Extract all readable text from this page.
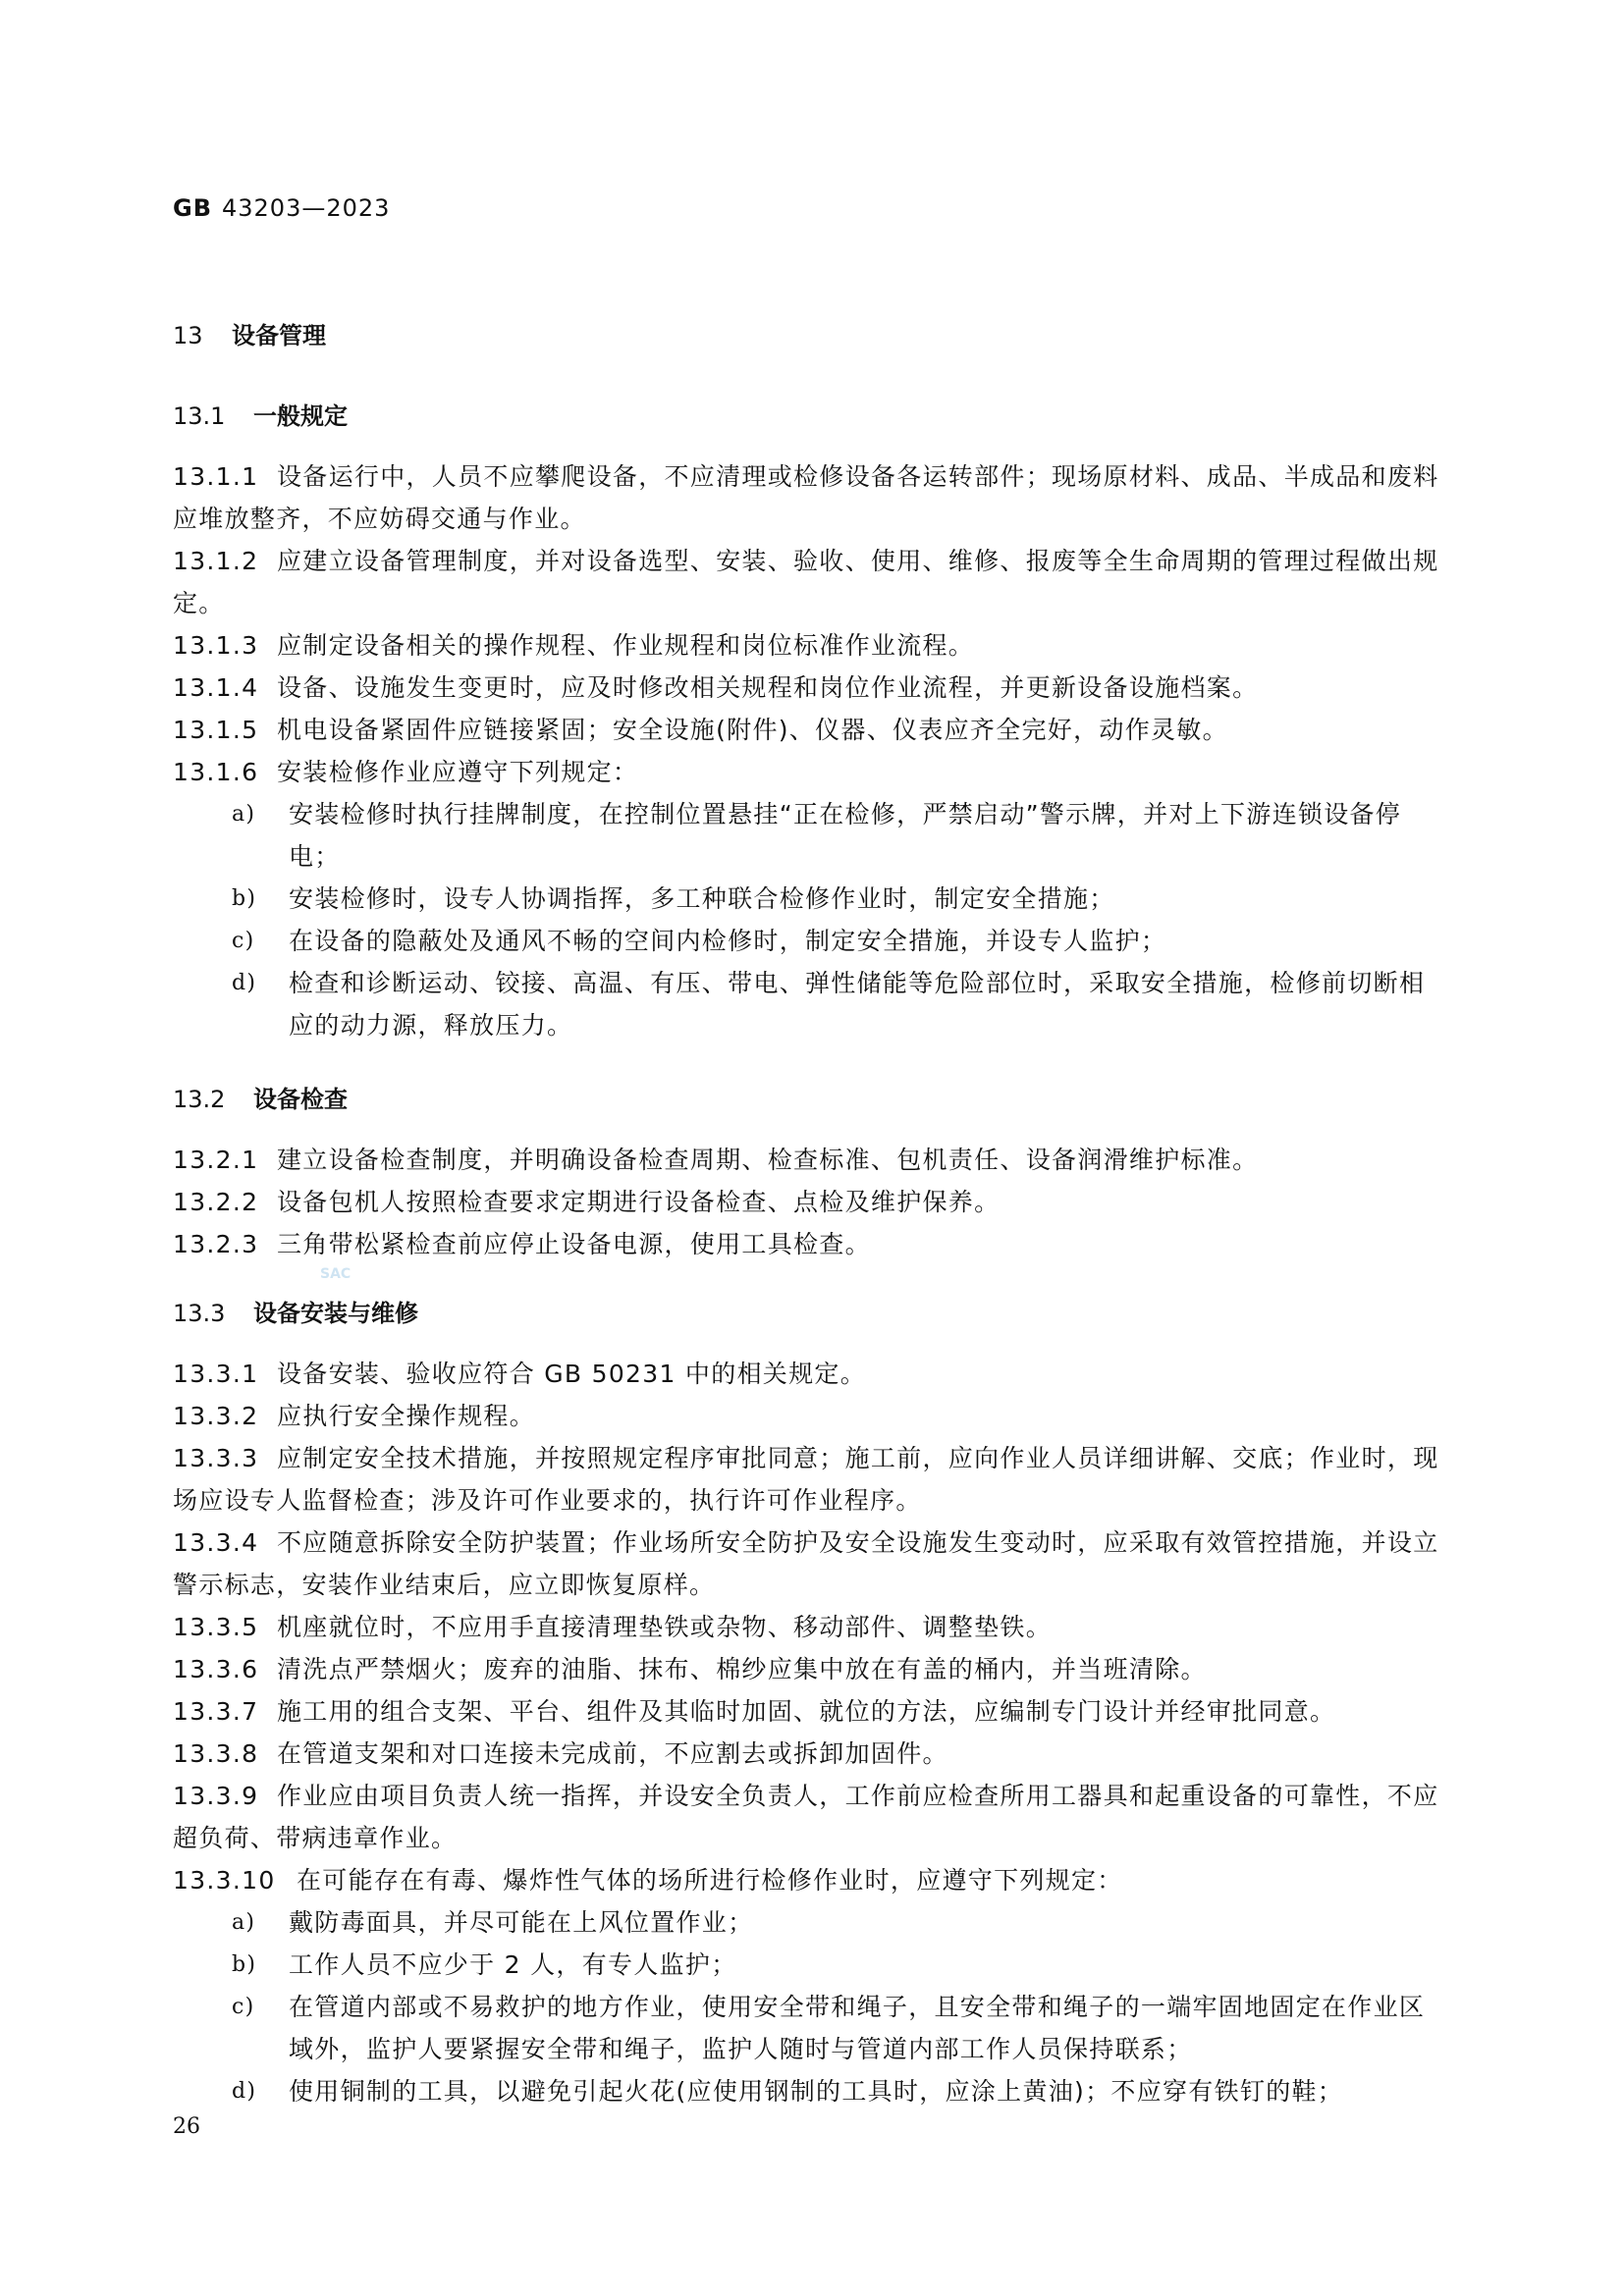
GB 43203—2023
13 设备管理
13.1 一般规定
13.1.1 设备运行中，人员不应攀爬设备，不应清理或检修设备各运转部件；现场原材料、成品、半成品和废料应堆放整齐，不应妨碍交通与作业。
13.1.2 应建立设备管理制度，并对设备选型、安装、验收、使用、维修、报废等全生命周期的管理过程做出规定。
13.1.3 应制定设备相关的操作规程、作业规程和岗位标准作业流程。
13.1.4 设备、设施发生变更时，应及时修改相关规程和岗位作业流程，并更新设备设施档案。
13.1.5 机电设备紧固件应链接紧固；安全设施(附件)、仪器、仪表应齐全完好，动作灵敏。
13.1.6 安装检修作业应遵守下列规定：
a)	安装检修时执行挂牌制度，在控制位置悬挂“正在检修，严禁启动”警示牌，并对上下游连锁设备停电；
b)	安装检修时，设专人协调指挥，多工种联合检修作业时，制定安全措施；
c)	在设备的隐蔽处及通风不畅的空间内检修时，制定安全措施，并设专人监护；
d)	检查和诊断运动、铰接、高温、有压、带电、弹性储能等危险部位时，采取安全措施，检修前切断相应的动力源，释放压力。
13.2 设备检查
13.2.1 建立设备检查制度，并明确设备检查周期、检查标准、包机责任、设备润滑维护标准。
13.2.2 设备包机人按照检查要求定期进行设备检查、点检及维护保养。
13.2.3 三角带松紧检查前应停止设备电源，使用工具检查。
SAC
13.3 设备安装与维修
13.3.1 设备安装、验收应符合 GB 50231 中的相关规定。
13.3.2 应执行安全操作规程。
13.3.3 应制定安全技术措施，并按照规定程序审批同意；施工前，应向作业人员详细讲解、交底；作业时，现场应设专人监督检查；涉及许可作业要求的，执行许可作业程序。
13.3.4 不应随意拆除安全防护装置；作业场所安全防护及安全设施发生变动时，应采取有效管控措施，并设立警示标志，安装作业结束后，应立即恢复原样。
13.3.5 机座就位时，不应用手直接清理垫铁或杂物、移动部件、调整垫铁。
13.3.6 清洗点严禁烟火；废弃的油脂、抹布、棉纱应集中放在有盖的桶内，并当班清除。
13.3.7 施工用的组合支架、平台、组件及其临时加固、就位的方法，应编制专门设计并经审批同意。
13.3.8 在管道支架和对口连接未完成前，不应割去或拆卸加固件。
13.3.9 作业应由项目负责人统一指挥，并设安全负责人，工作前应检查所用工器具和起重设备的可靠性，不应超负荷、带病违章作业。
13.3.10 在可能存在有毒、爆炸性气体的场所进行检修作业时，应遵守下列规定：
a)	戴防毒面具，并尽可能在上风位置作业；
b)	工作人员不应少于 2 人，有专人监护；
c)	在管道内部或不易救护的地方作业，使用安全带和绳子，且安全带和绳子的一端牢固地固定在作业区域外，监护人要紧握安全带和绳子，监护人随时与管道内部工作人员保持联系；
d)	使用铜制的工具，以避免引起火花(应使用钢制的工具时，应涂上黄油)；不应穿有铁钉的鞋；
26
